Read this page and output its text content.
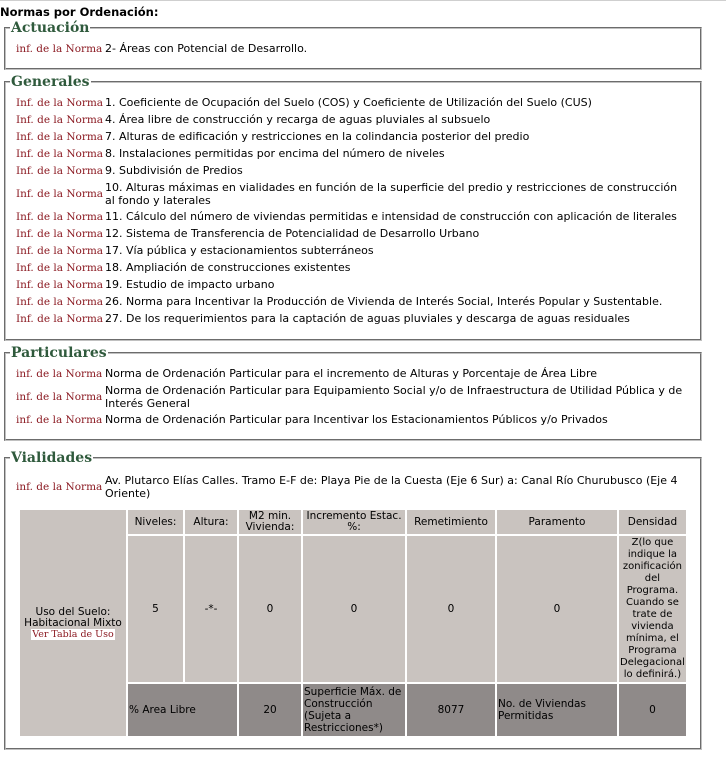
Normas por Ordenación:
Actuación
inf. de la Norma 2- Áreas con Potencial de Desarrollo.
Generales
Inf. de la Norma 1. Coeficiente de Ocupación del Suelo (COS) y Coeficiente de Utilización del Suelo (CUS)
Inf. de la Norma 4. Área libre de construcción y recarga de aguas pluviales al subsuelo
Inf. de la Norma 7. Alturas de edificación y restricciones en la colindancia posterior del predio
Inf. de la Norma 8. Instalaciones permitidas por encima del número de niveles
Inf. de la Norma 9. Subdivisión de Predios
Inf. de la Norma 10. Alturas máximas en vialidades en función de la superficie del predio y restricciones de construcción al fondo y laterales
Inf. de la Norma 11. Cálculo del número de viviendas permitidas e intensidad de construcción con aplicación de literales
Inf. de la Norma 12. Sistema de Transferencia de Potencialidad de Desarrollo Urbano
Inf. de la Norma 17. Vía pública y estacionamientos subterráneos
Inf. de la Norma 18. Ampliación de construcciones existentes
Inf. de la Norma 19. Estudio de impacto urbano
Inf. de la Norma 26. Norma para Incentivar la Producción de Vivienda de Interés Social, Interés Popular y Sustentable.
Inf. de la Norma 27. De los requerimientos para la captación de aguas pluviales y descarga de aguas residuales
Particulares
inf. de la Norma Norma de Ordenación Particular para el incremento de Alturas y Porcentaje de Área Libre
inf. de la Norma Norma de Ordenación Particular para Equipamiento Social y/o de Infraestructura de Utilidad Pública y de Interés General
inf. de la Norma Norma de Ordenación Particular para Incentivar los Estacionamientos Públicos y/o Privados
Vialidades
inf. de la Norma Av. Plutarco Elías Calles. Tramo E-F de: Playa Pie de la Cuesta (Eje 6 Sur) a: Canal Río Churubusco (Eje 4 Oriente)
Uso del Suelo:
Habitacional Mixto
Ver Tabla de Uso	Niveles:	Altura:	M2 min. Vivienda:	Incremento Estac. %:	Remetimiento	Paramento	Densidad
	5	-*-	0	0	0	0	Z(lo que indique la zonificación del Programa. Cuando se trate de vivienda mínima, el Programa Delegacional lo definirá.)
	% Area Libre		20	Superficie Máx. de Construcción (Sujeta a Restricciones*)	8077	No. de Viviendas Permitidas	0
